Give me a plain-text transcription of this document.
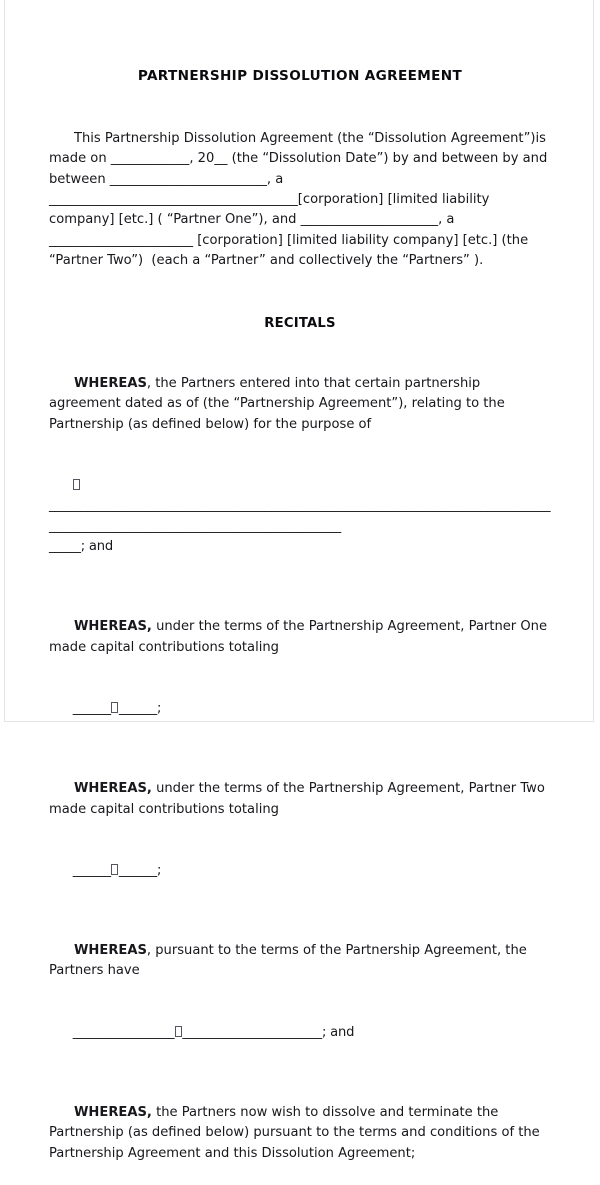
PARTNERSHIP DISSOLUTION AGREEMENT

This Partnership Dissolution Agreement (the “Dissolution Agreement”)is made on ____________, 20__ (the “Dissolution Date”) by and between by and between ________________________, a ______________________________________[corporation] [limited liability company] [etc.] ( “Partner One”), and _____________________, a ______________________ [corporation] [limited liability company] [etc.] (the “Partner Two”)  (each a “Partner” and collectively the “Partners” ).

RECITALS

WHEREAS, the Partners entered into that certain partnership agreement dated as of (the “Partnership Agreement”), relating to the Partnership (as defined below) for the purpose of

_____________________________________________________________________________________________________________________________
_____; and

WHEREAS, under the terms of the Partnership Agreement, Partner One made capital contributions totaling

______ ______;

WHEREAS, under the terms of the Partnership Agreement, Partner Two made capital contributions totaling

______ ______;

WHEREAS, pursuant to the terms of the Partnership Agreement, the Partners have

________________ ______________________; and

WHEREAS, the Partners now wish to dissolve and terminate the Partnership (as defined below) pursuant to the terms and conditions of the Partnership Agreement and this Dissolution Agreement;
